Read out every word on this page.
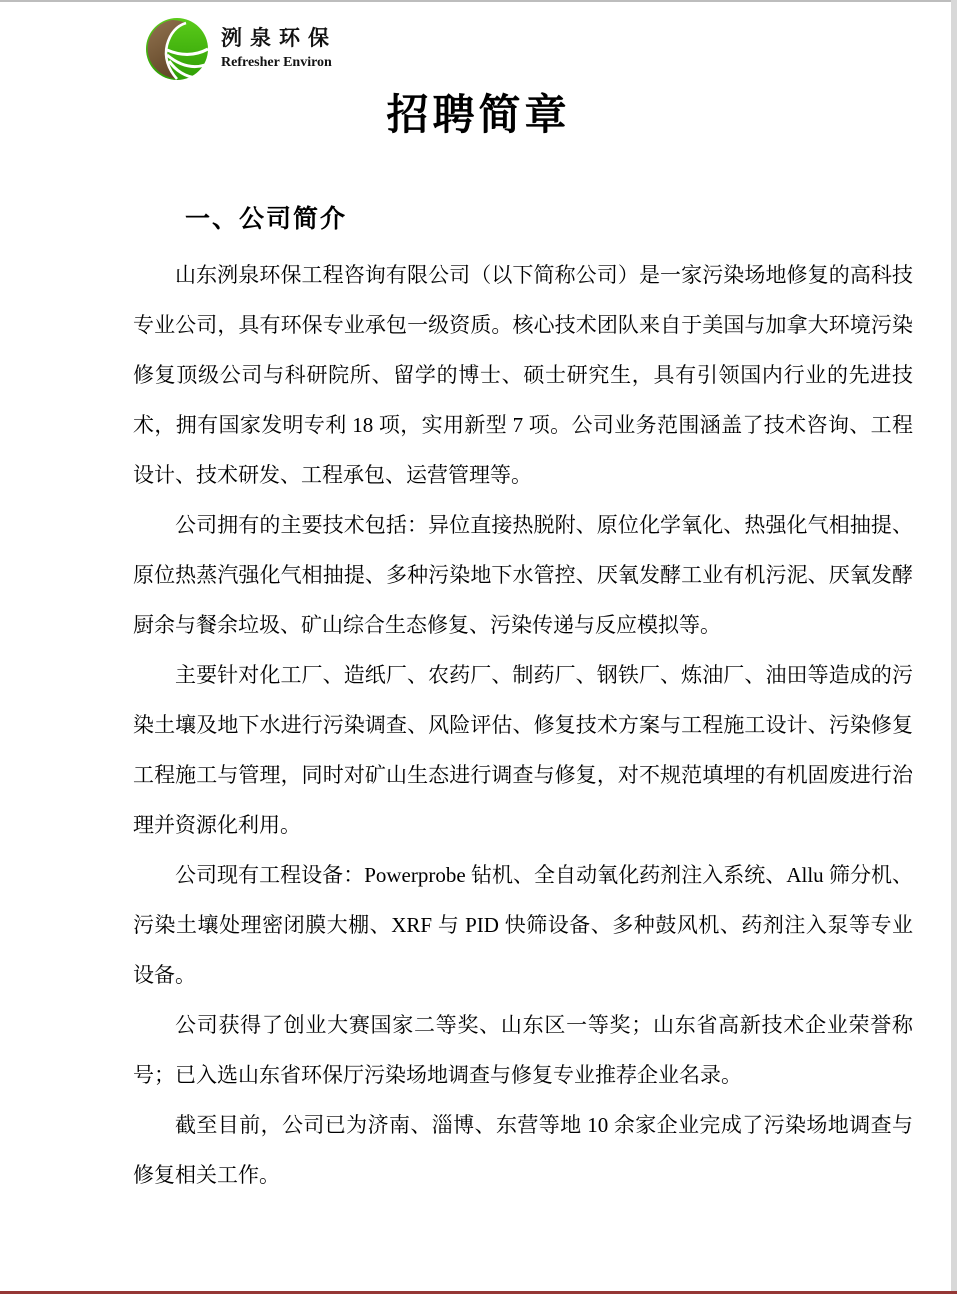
洌泉环保
Refresher Environ
招聘简章
一、公司简介

山东洌泉环保工程咨询有限公司（以下简称公司）是一家污染场地修复的高科技专业公司，具有环保专业承包一级资质。核心技术团队来自于美国与加拿大环境污染修复顶级公司与科研院所、留学的博士、硕士研究生，具有引领国内行业的先进技术，拥有国家发明专利 18 项，实用新型 7 项。公司业务范围涵盖了技术咨询、工程设计、技术研发、工程承包、运营管理等。

公司拥有的主要技术包括：异位直接热脱附、原位化学氧化、热强化气相抽提、原位热蒸汽强化气相抽提、多种污染地下水管控、厌氧发酵工业有机污泥、厌氧发酵厨余与餐余垃圾、矿山综合生态修复、污染传递与反应模拟等。

主要针对化工厂、造纸厂、农药厂、制药厂、钢铁厂、炼油厂、油田等造成的污染土壤及地下水进行污染调查、风险评估、修复技术方案与工程施工设计、污染修复工程施工与管理，同时对矿山生态进行调查与修复，对不规范填埋的有机固废进行治理并资源化利用。

公司现有工程设备：Powerprobe 钻机、全自动氧化药剂注入系统、Allu 筛分机、污染土壤处理密闭膜大棚、XRF 与 PID 快筛设备、多种鼓风机、药剂注入泵等专业设备。

公司获得了创业大赛国家二等奖、山东区一等奖；山东省高新技术企业荣誉称号；已入选山东省环保厅污染场地调查与修复专业推荐企业名录。

截至目前，公司已为济南、淄博、东营等地 10 余家企业完成了污染场地调查与修复相关工作。
